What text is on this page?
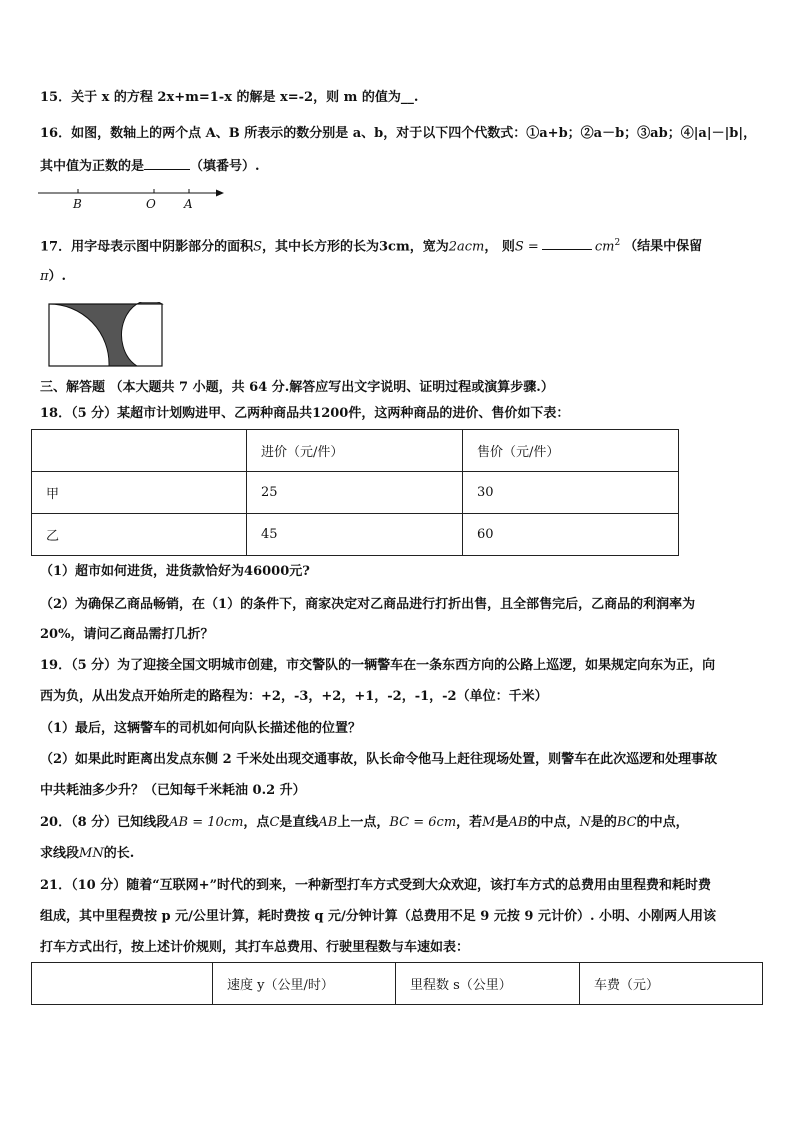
15．关于 x 的方程 2x+m=1-x 的解是 x=-2，则 m 的值为__.
16．如图，数轴上的两个点 A、B 所表示的数分别是 a、b，对于以下四个代数式：①a+b；②a－b；③ab；④|a|－|b|，
其中值为正数的是	（填番号）.
B	O A
17．用字母表示图中阴影部分的面积S，其中长方形的长为3cm，宽为2acm， 则S =	$cm^2$ （结果中保留
π）.
三、解答题 （本大题共 7 小题，共 64 分.解答应写出文字说明、证明过程或演算步骤.）
18．（5 分）某超市计划购进甲、乙两种商品共1200件，这两种商品的进价、售价如下表：
	进价（元/件）	售价（元/件）
甲	25	30
乙	45	60
（1）超市如何进货，进货款恰好为46000元?
（2）为确保乙商品畅销，在（1）的条件下，商家决定对乙商品进行打折出售，且全部售完后，乙商品的利润率为
20%，请问乙商品需打几折？
19．（5 分）为了迎接全国文明城市创建，市交警队的一辆警车在一条东西方向的公路上巡逻，如果规定向东为正，向
西为负，从出发点开始所走的路程为：+2，-3，+2，+1，-2，-1，-2（单位：千米）
（1）最后，这辆警车的司机如何向队长描述他的位置？
（2）如果此时距离出发点东侧 2 千米处出现交通事故，队长命令他马上赶往现场处置，则警车在此次巡逻和处理事故
中共耗油多少升？（已知每千米耗油 0.2 升）
20．（8 分）已知线段AB = 10cm，点C是直线AB上一点，BC = 6cm，若M是AB的中点，N是的BC的中点，
求线段MN的长.
21．（10 分）随着“互联网+”时代的到来，一种新型打车方式受到大众欢迎，该打车方式的总费用由里程费和耗时费
组成，其中里程费按 p 元/公里计算，耗时费按 q 元/分钟计算（总费用不足 9 元按 9 元计价）. 小明、小刚两人用该
打车方式出行，按上述计价规则，其打车总费用、行驶里程数与车速如表：
	速度 y（公里/时）	里程数 s（公里）	车费（元）
